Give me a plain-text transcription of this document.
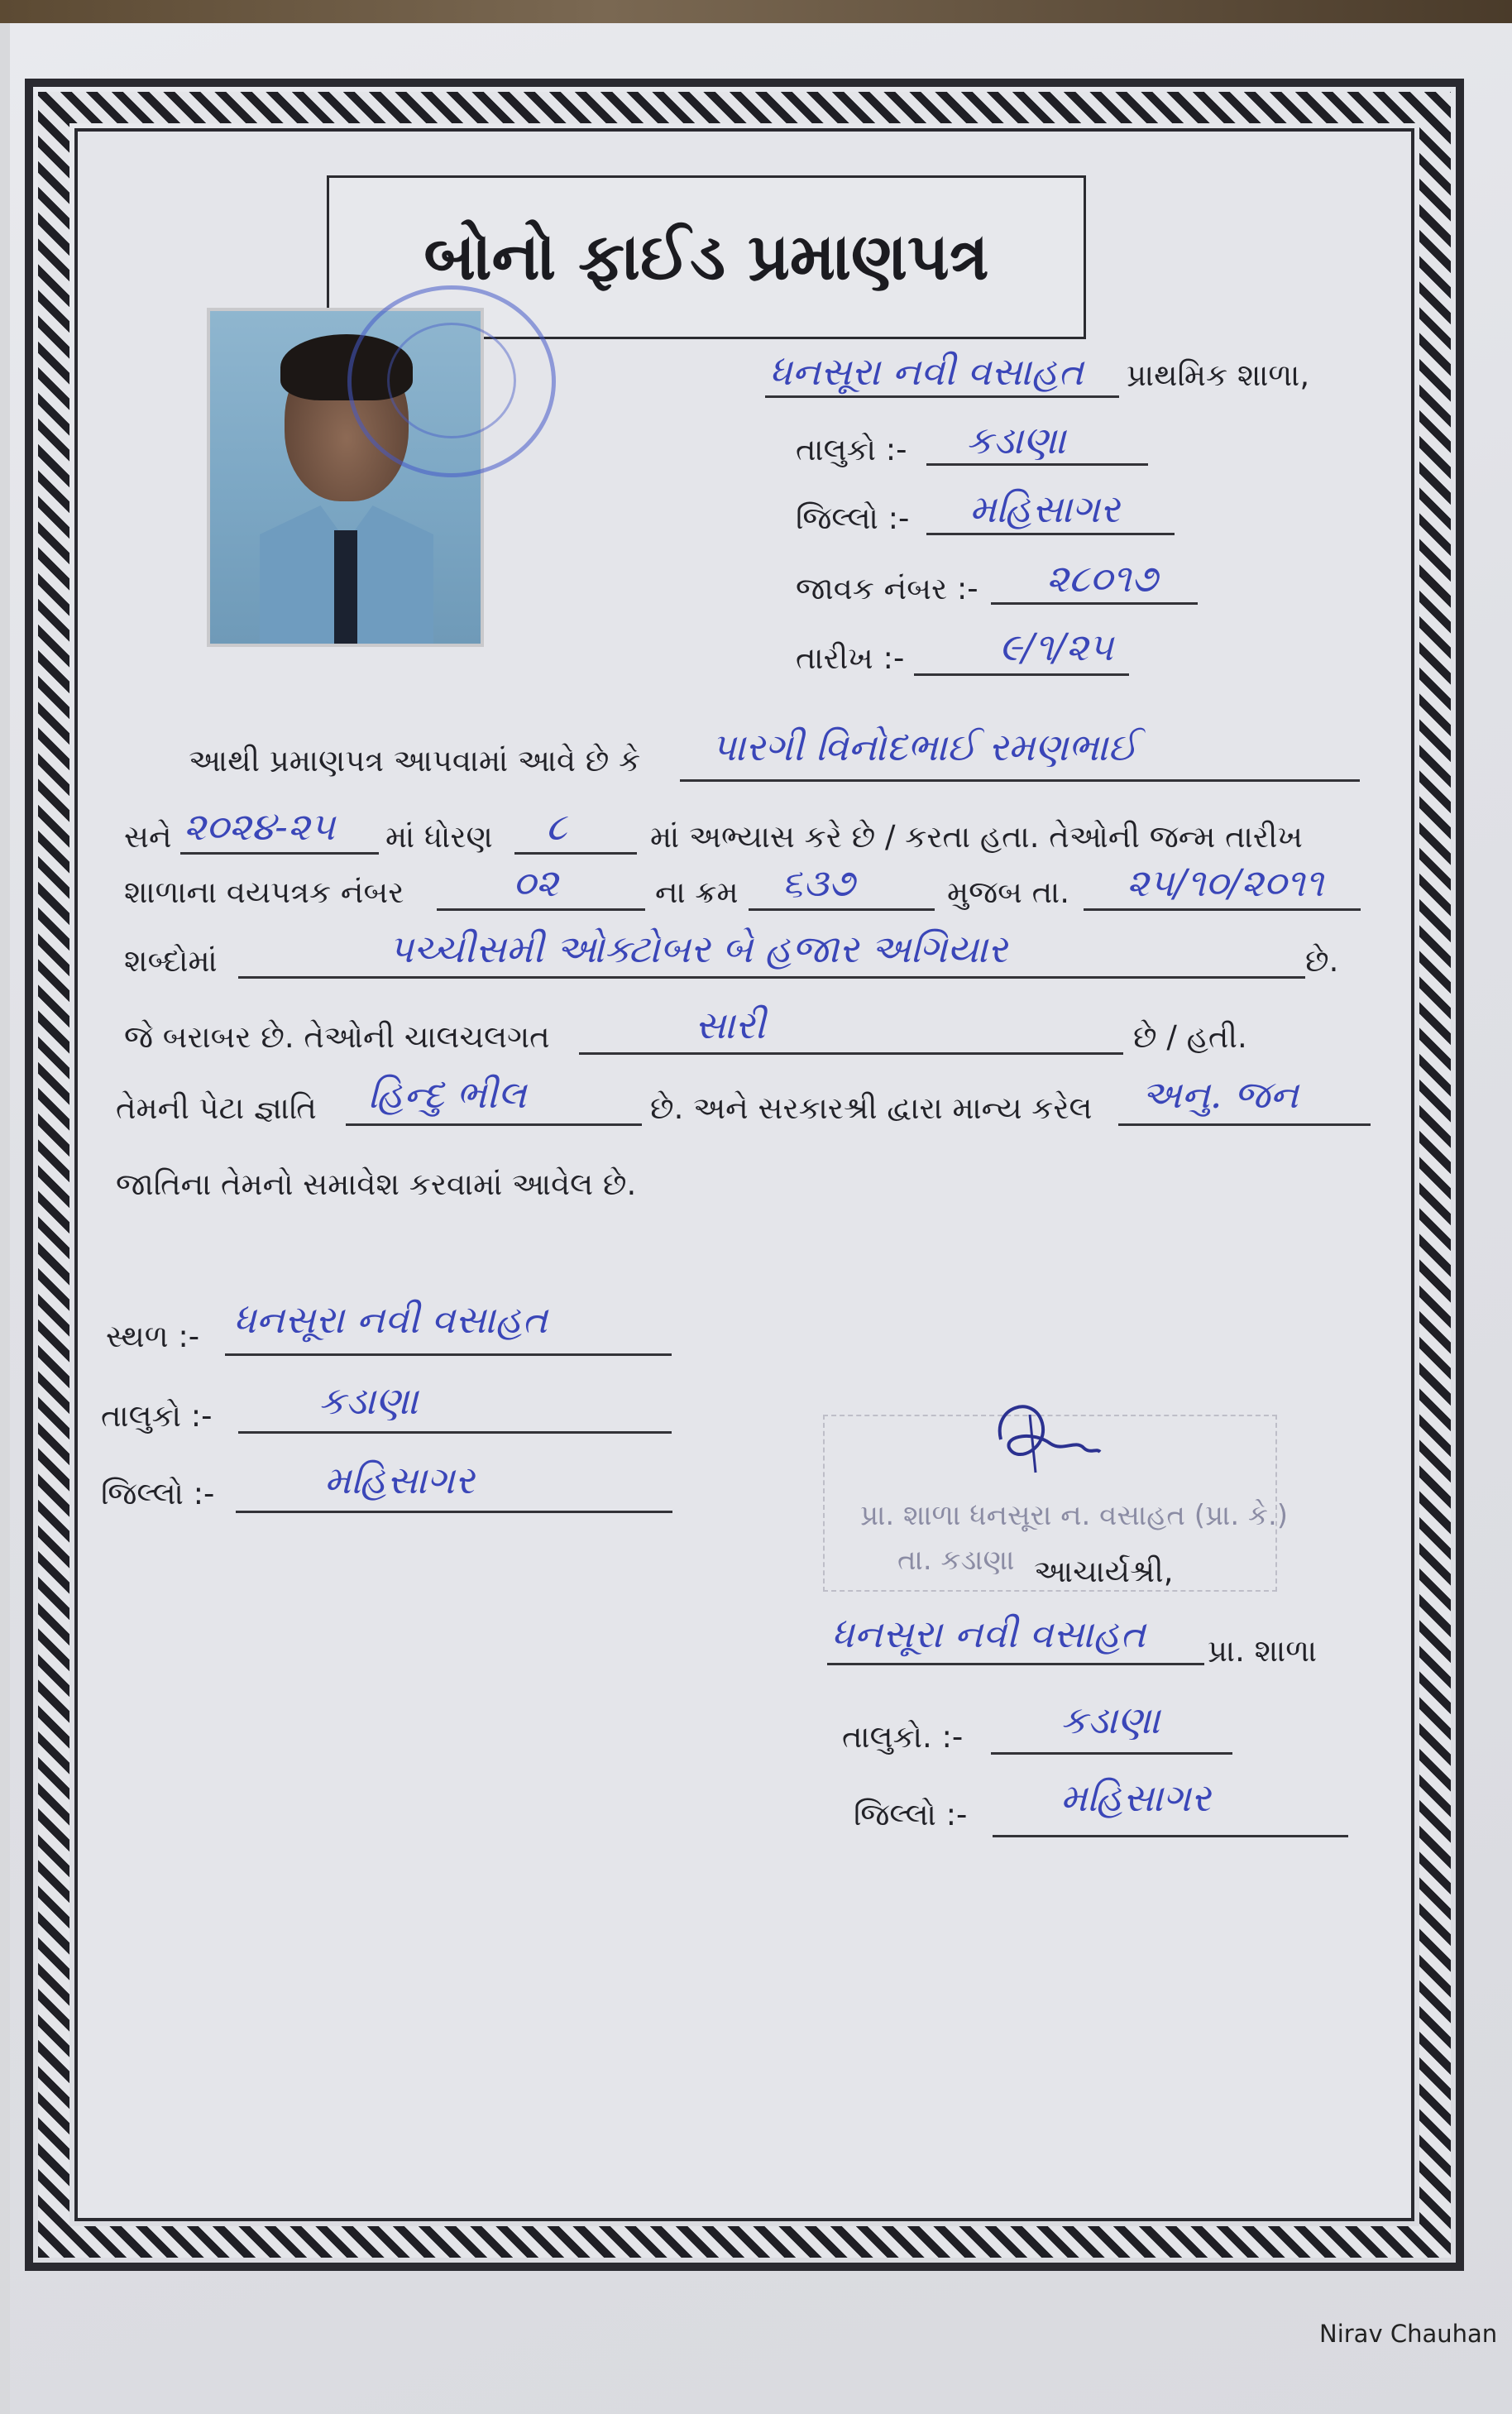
બોનો ફાઈડ પ્રમાણપત્ર
ધનસૂરા નવી વસાહત પ્રાથમિક શાળા,
તાલુકો :- કડાણા
જિલ્લો :- મહિસાગર
જાવક નંબર :- ૨૮૦૧૭
તારીખ :- ૯/૧/૨૫
આથી પ્રમાણપત્ર આપવામાં આવે છે કે પારગી વિનોદભાઈ રમણભાઈ
સને ૨૦૨૪-૨૫ માં ધોરણ ૮	માં અભ્યાસ કરે છે / કરતા હતા. તેઓની જન્મ તારીખ
શાળાના વયપત્રક નંબર	૦૨	ના ક્રમ ૬૩૭	મુજબ તા. ૨૫/૧૦/૨૦૧૧
શબ્દોમાં	પચ્ચીસમી ઓક્ટોબર બે હજાર અગિયાર	છે.
જે બરાબર છે. તેઓની ચાલચલગત	સારી	છે / હતી.
તેમની પેટા જ્ઞાતિ હિન્દુ ભીલ	છે. અને સરકારશ્રી દ્વારા માન્ય કરેલ અનુ. જન
જાતિના તેમનો સમાવેશ કરવામાં આવેલ છે.
સ્થળ :- ધનસૂરા નવી વસાહત
તાલુકો :-	કડાણા
જિલ્લો :-	મહિસાગર
પ્રા. શાળા ધનસૂરા ન. વસાહત (પ્રા. કે.)
તા. કડાણા આચાર્યશ્રી,
ધનસૂરા નવી વસાહત પ્રા. શાળા
તાલુકો. :-	કડાણા
જિલ્લો :- મહિસાગર
Nirav Chauhan
